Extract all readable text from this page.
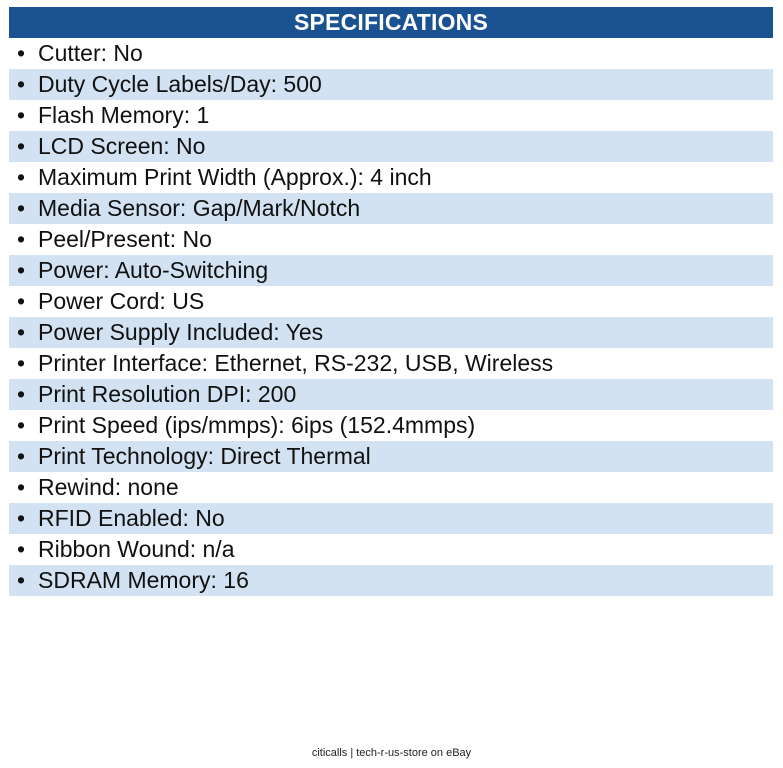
SPECIFICATIONS
• Cutter: No
• Duty Cycle Labels/Day: 500
• Flash Memory: 1
• LCD Screen: No
• Maximum Print Width (Approx.): 4 inch
• Media Sensor: Gap/Mark/Notch
• Peel/Present: No
• Power: Auto-Switching
• Power Cord: US
• Power Supply Included: Yes
• Printer Interface: Ethernet, RS-232, USB, Wireless
• Print Resolution DPI: 200
• Print Speed (ips/mmps): 6ips (152.4mmps)
• Print Technology: Direct Thermal
• Rewind: none
• RFID Enabled: No
• Ribbon Wound: n/a
• SDRAM Memory: 16
citicalls | tech-r-us-store on eBay
